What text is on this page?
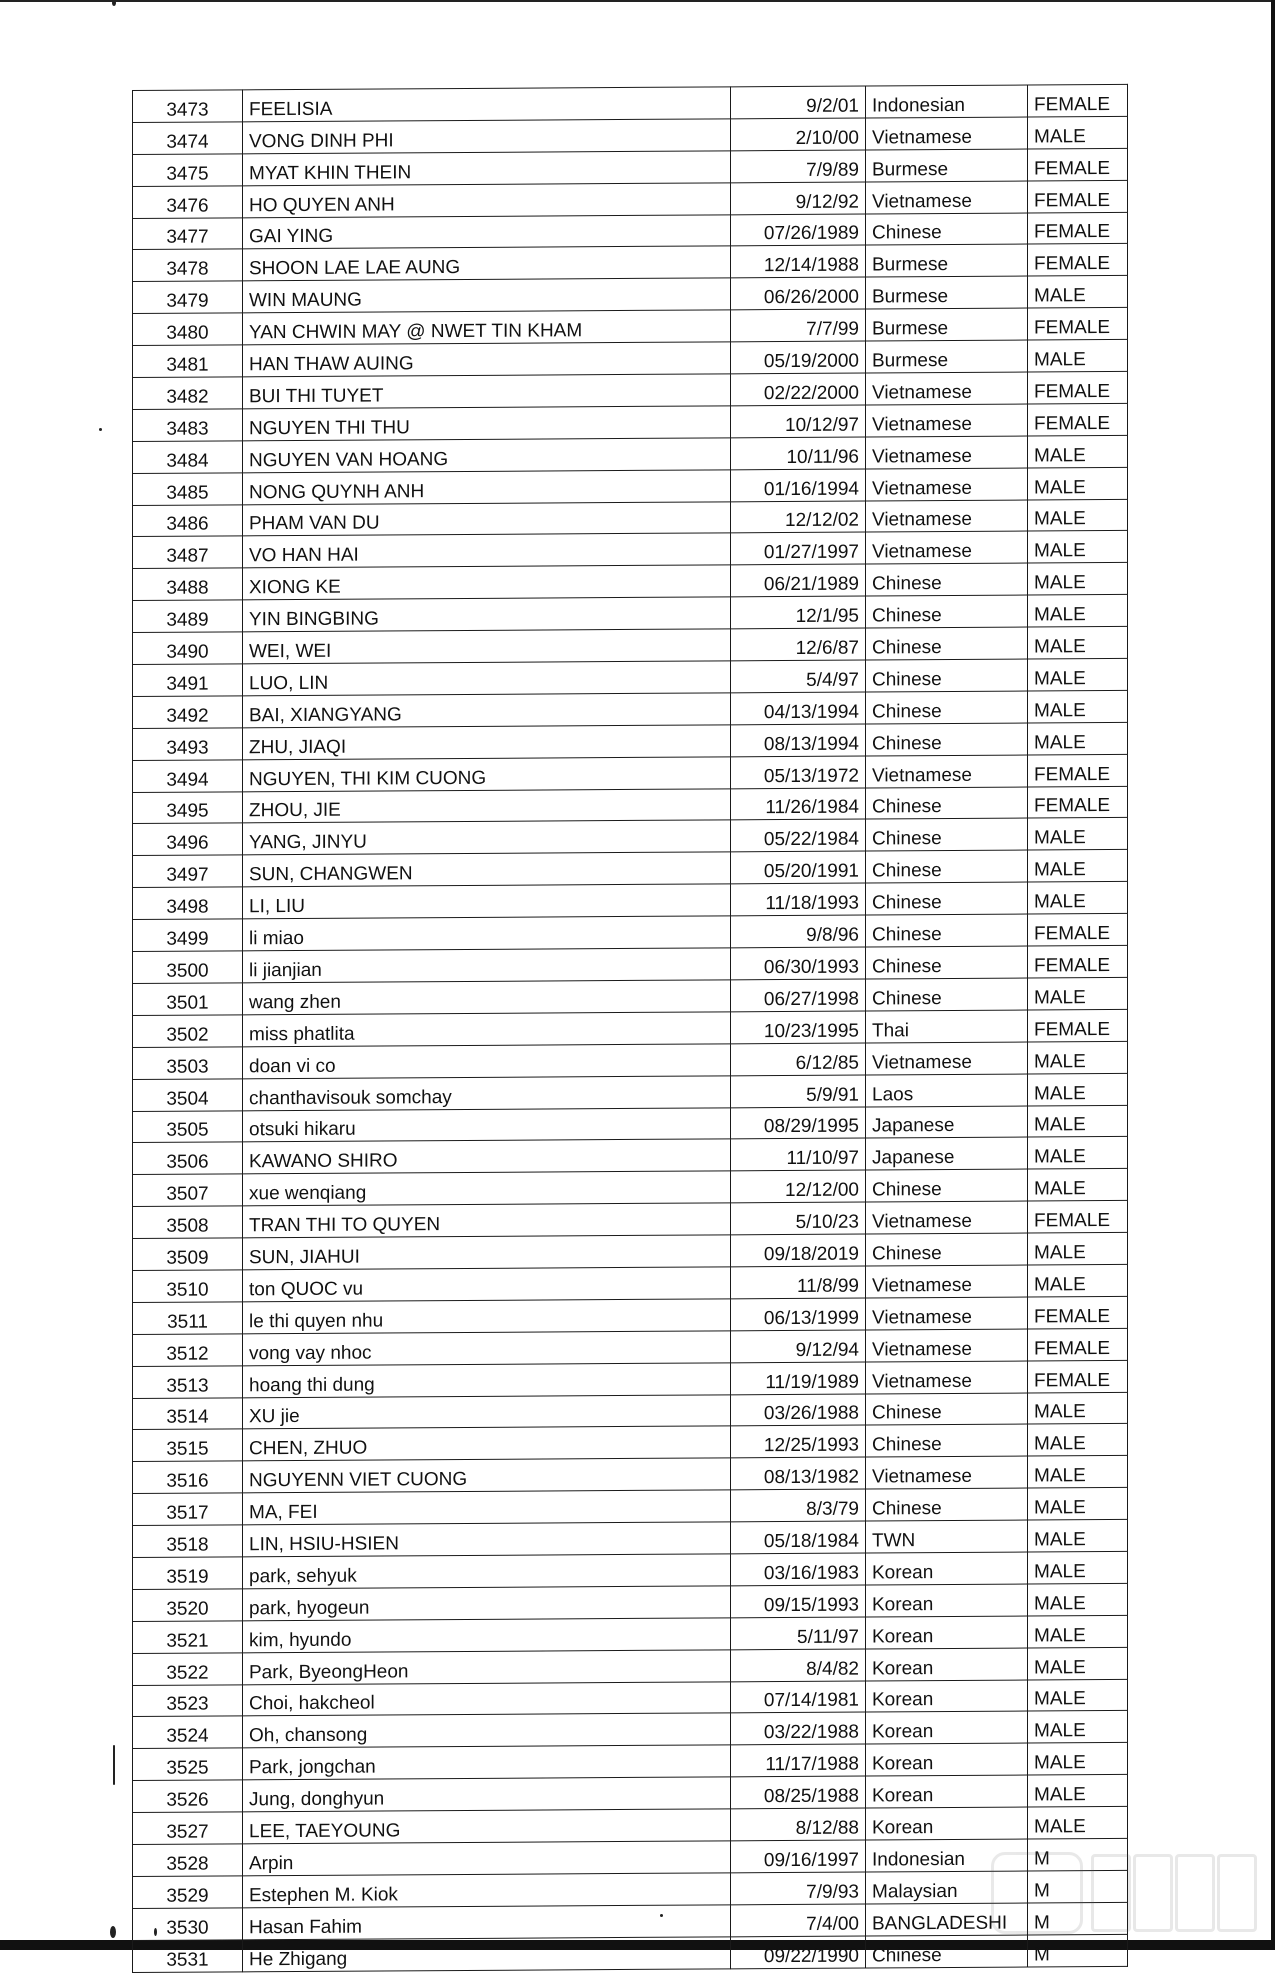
3473	FEELISIA	9/2/01	Indonesian	FEMALE
3474	VONG DINH PHI	2/10/00	Vietnamese	MALE
3475	MYAT KHIN THEIN	7/9/89	Burmese	FEMALE
3476	HO QUYEN ANH	9/12/92	Vietnamese	FEMALE
3477	GAI YING	07/26/1989	Chinese	FEMALE
3478	SHOON LAE LAE AUNG	12/14/1988	Burmese	FEMALE
3479	WIN MAUNG	06/26/2000	Burmese	MALE
3480	YAN CHWIN MAY @ NWET TIN KHAM	7/7/99	Burmese	FEMALE
3481	HAN THAW AUING	05/19/2000	Burmese	MALE
3482	BUI THI TUYET	02/22/2000	Vietnamese	FEMALE
3483	NGUYEN THI THU	10/12/97	Vietnamese	FEMALE
3484	NGUYEN VAN HOANG	10/11/96	Vietnamese	MALE
3485	NONG QUYNH ANH	01/16/1994	Vietnamese	MALE
3486	PHAM VAN DU	12/12/02	Vietnamese	MALE
3487	VO HAN HAI	01/27/1997	Vietnamese	MALE
3488	XIONG KE	06/21/1989	Chinese	MALE
3489	YIN BINGBING	12/1/95	Chinese	MALE
3490	WEI, WEI	12/6/87	Chinese	MALE
3491	LUO, LIN	5/4/97	Chinese	MALE
3492	BAI, XIANGYANG	04/13/1994	Chinese	MALE
3493	ZHU, JIAQI	08/13/1994	Chinese	MALE
3494	NGUYEN, THI KIM CUONG	05/13/1972	Vietnamese	FEMALE
3495	ZHOU, JIE	11/26/1984	Chinese	FEMALE
3496	YANG, JINYU	05/22/1984	Chinese	MALE
3497	SUN, CHANGWEN	05/20/1991	Chinese	MALE
3498	LI, LIU	11/18/1993	Chinese	MALE
3499	li miao	9/8/96	Chinese	FEMALE
3500	li jianjian	06/30/1993	Chinese	FEMALE
3501	wang zhen	06/27/1998	Chinese	MALE
3502	miss phatlita	10/23/1995	Thai	FEMALE
3503	doan vi co	6/12/85	Vietnamese	MALE
3504	chanthavisouk somchay	5/9/91	Laos	MALE
3505	otsuki hikaru	08/29/1995	Japanese	MALE
3506	KAWANO SHIRO	11/10/97	Japanese	MALE
3507	xue wenqiang	12/12/00	Chinese	MALE
3508	TRAN THI TO QUYEN	5/10/23	Vietnamese	FEMALE
3509	SUN, JIAHUI	09/18/2019	Chinese	MALE
3510	ton QUOC vu	11/8/99	Vietnamese	MALE
3511	le thi quyen nhu	06/13/1999	Vietnamese	FEMALE
3512	vong vay nhoc	9/12/94	Vietnamese	FEMALE
3513	hoang thi dung	11/19/1989	Vietnamese	FEMALE
3514	XU jie	03/26/1988	Chinese	MALE
3515	CHEN, ZHUO	12/25/1993	Chinese	MALE
3516	NGUYENN VIET CUONG	08/13/1982	Vietnamese	MALE
3517	MA, FEI	8/3/79	Chinese	MALE
3518	LIN, HSIU-HSIEN	05/18/1984	TWN	MALE
3519	park, sehyuk	03/16/1983	Korean	MALE
3520	park, hyogeun	09/15/1993	Korean	MALE
3521	kim, hyundo	5/11/97	Korean	MALE
3522	Park, ByeongHeon	8/4/82	Korean	MALE
3523	Choi, hakcheol	07/14/1981	Korean	MALE
3524	Oh, chansong	03/22/1988	Korean	MALE
3525	Park, jongchan	11/17/1988	Korean	MALE
3526	Jung, donghyun	08/25/1988	Korean	MALE
3527	LEE, TAEYOUNG	8/12/88	Korean	MALE
3528	Arpin	09/16/1997	Indonesian	M
3529	Estephen M. Kiok	7/9/93	Malaysian	M
3530	Hasan Fahim	7/4/00	BANGLADESHI	M
3531	He Zhigang	09/22/1990	Chinese	M
